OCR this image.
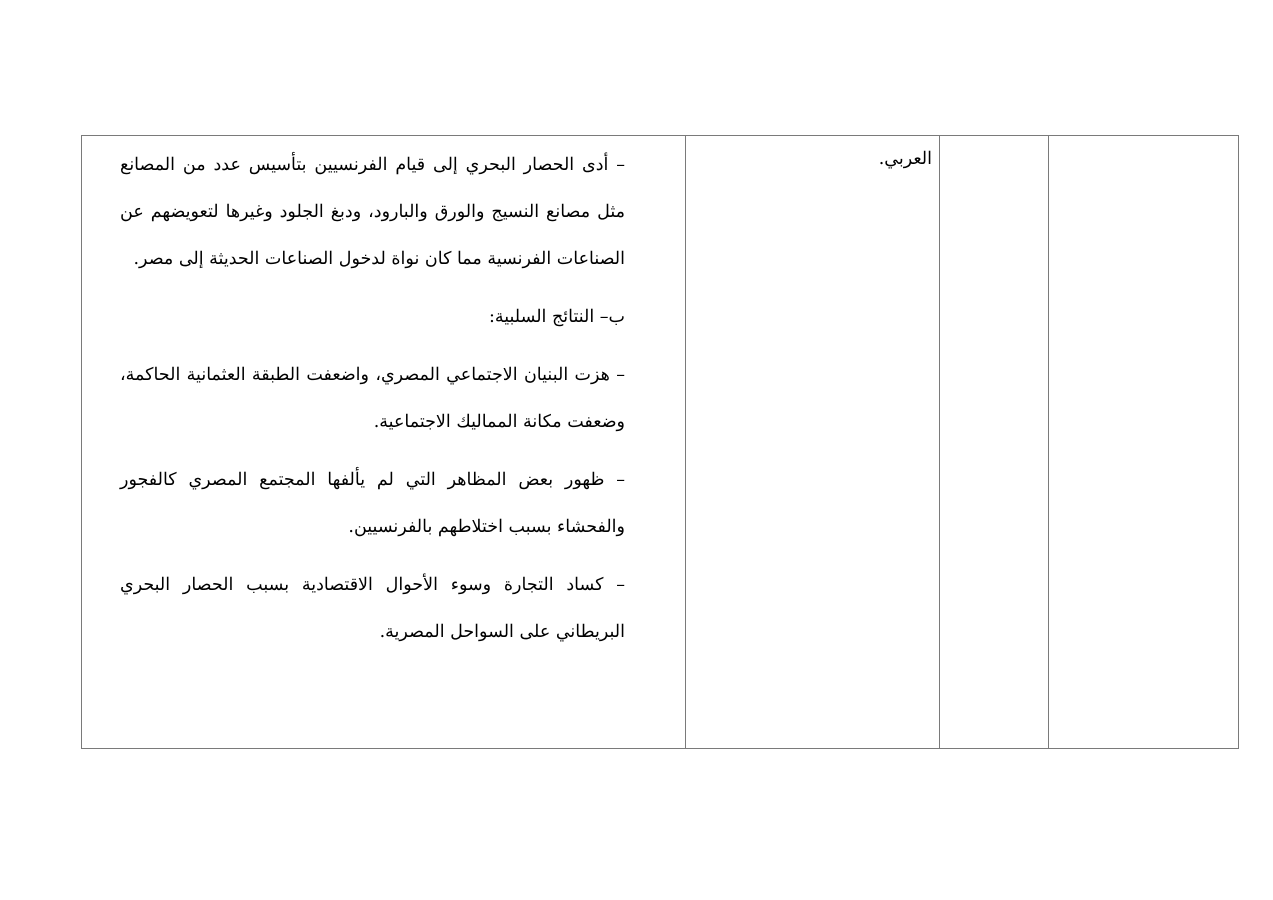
– أدى الحصار البحري إلى قيام الفرنسيين بتأسيس عدد من المصانع مثل مصانع النسيج والورق والبارود، ودبغ الجلود وغيرها لتعويضهم عن الصناعات الفرنسية مما كان نواة لدخول الصناعات الحديثة إلى مصر.

ب– النتائج السلبية:

– هزت البنيان الاجتماعي المصري، واضعفت الطبقة العثمانية الحاكمة، وضعفت مكانة المماليك الاجتماعية.

– ظهور بعض المظاهر التي لم يألفها المجتمع المصري كالفجور والفحشاء بسبب اختلاطهم بالفرنسيين.

– كساد التجارة وسوء الأحوال الاقتصادية بسبب الحصار البحري البريطاني على السواحل المصرية.

العربي.
